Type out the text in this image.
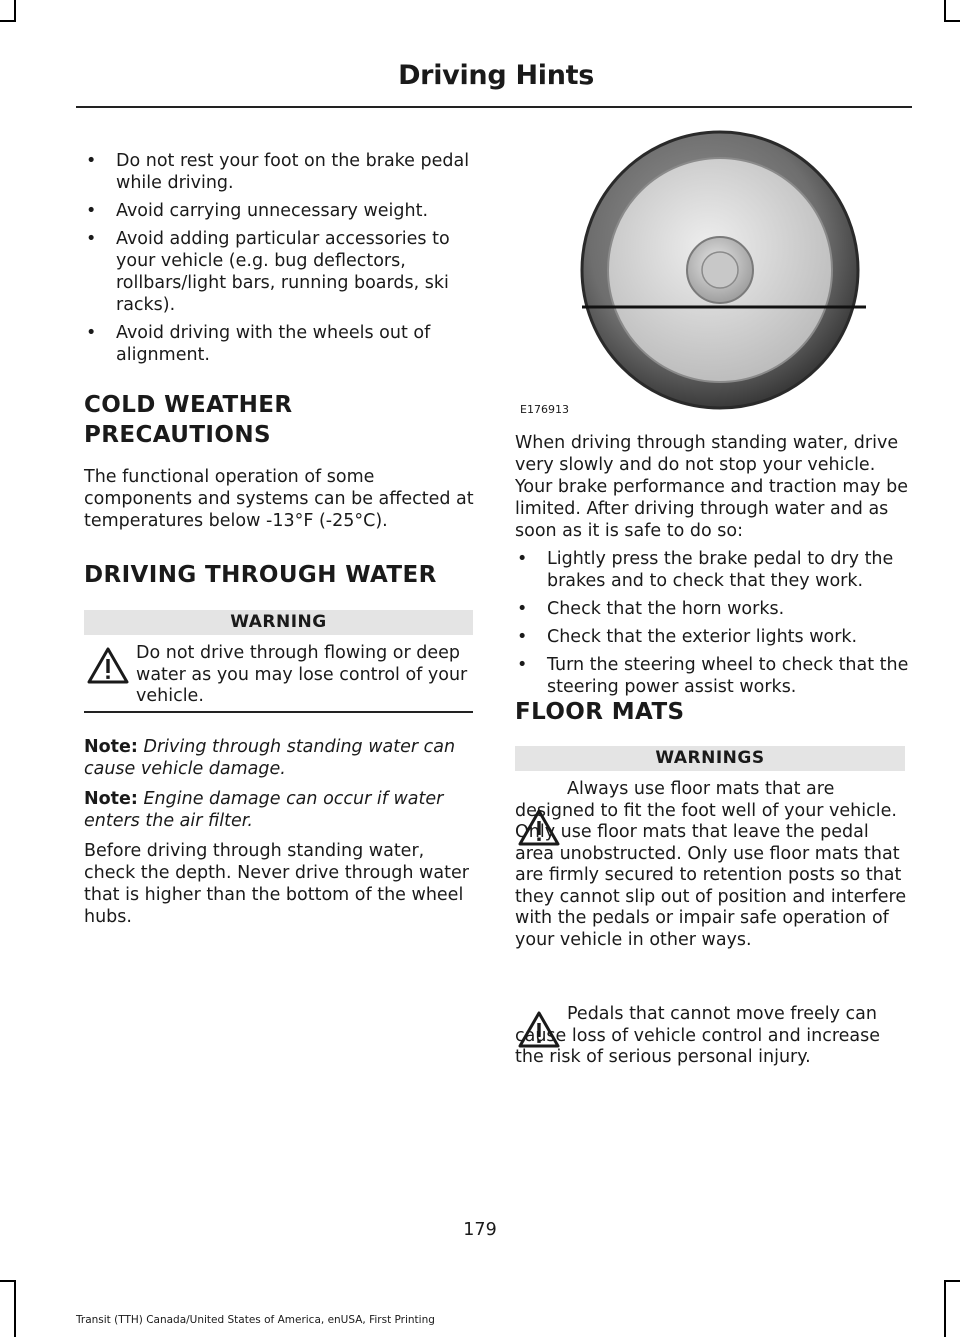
Driving Hints
• Do not rest your foot on the brake pedal while driving.
• Avoid carrying unnecessary weight.
• Avoid adding particular accessories to your vehicle (e.g. bug deflectors, rollbars/light bars, running boards, ski racks).
• Avoid driving with the wheels out of alignment.
COLD WEATHER
PRECAUTIONS

The functional operation of some components and systems can be affected at temperatures below -13°F (-25°C).

DRIVING THROUGH WATER
WARNING

Do not drive through flowing or deep water as you may lose control of your vehicle.

Note: Driving through standing water can cause vehicle damage.

Note: Engine damage can occur if water enters the air filter.

Before driving through standing water, check the depth. Never drive through water that is higher than the bottom of the wheel hubs.

E176913

When driving through standing water, drive very slowly and do not stop your vehicle. Your brake performance and traction may be limited. After driving through water and as soon as it is safe to do so:

• Lightly press the brake pedal to dry the brakes and to check that they work.
• Check that the horn works.
• Check that the exterior lights work.
• Turn the steering wheel to check that the steering power assist works.
FLOOR MATS
WARNINGS

Always use floor mats that are designed to fit the foot well of your vehicle. Only use floor mats that leave the pedal area unobstructed. Only use floor mats that are firmly secured to retention posts so that they cannot slip out of position and interfere with the pedals or impair safe operation of your vehicle in other ways.

Pedals that cannot move freely can cause loss of vehicle control and increase the risk of serious personal injury.

179
Transit (TTH) Canada/United States of America, enUSA, First Printing
